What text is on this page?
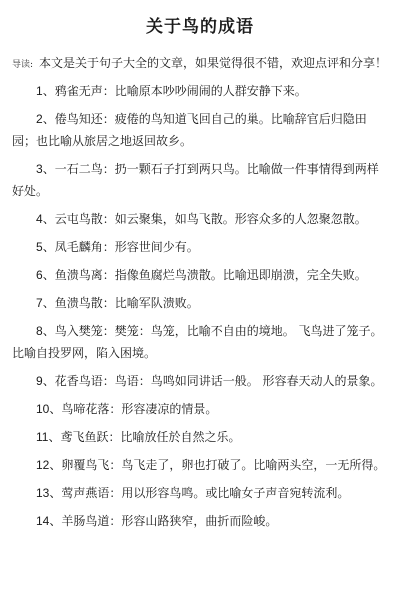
关于鸟的成语

导读: 本文是关于句子大全的文章，如果觉得很不错，欢迎点评和分享！

1、鸦雀无声：比喻原本吵吵闹闹的人群安静下来。
2、倦鸟知还：疲倦的鸟知道飞回自己的巢。比喻辞官后归隐田园；也比喻从旅居之地返回故乡。
3、一石二鸟：扔一颗石子打到两只鸟。比喻做一件事情得到两样好处。
4、云屯鸟散：如云聚集，如鸟飞散。形容众多的人忽聚忽散。
5、凤毛麟角：形容世间少有。
6、鱼溃鸟离：指像鱼腐烂鸟溃散。比喻迅即崩溃，完全失败。
7、鱼溃鸟散：比喻军队溃败。
8、鸟入樊笼：樊笼：鸟笼，比喻不自由的境地。 飞鸟进了笼子。比喻自投罗网，陷入困境。
9、花香鸟语：鸟语：鸟鸣如同讲话一般。 形容春天动人的景象。
10、鸟啼花落：形容凄凉的情景。
11、鸢飞鱼跃：比喻放任於自然之乐。
12、卵覆鸟飞：鸟飞走了，卵也打破了。比喻两头空，一无所得。
13、莺声燕语：用以形容鸟鸣。或比喻女子声音宛转流利。
14、羊肠鸟道：形容山路狭窄，曲折而险峻。
